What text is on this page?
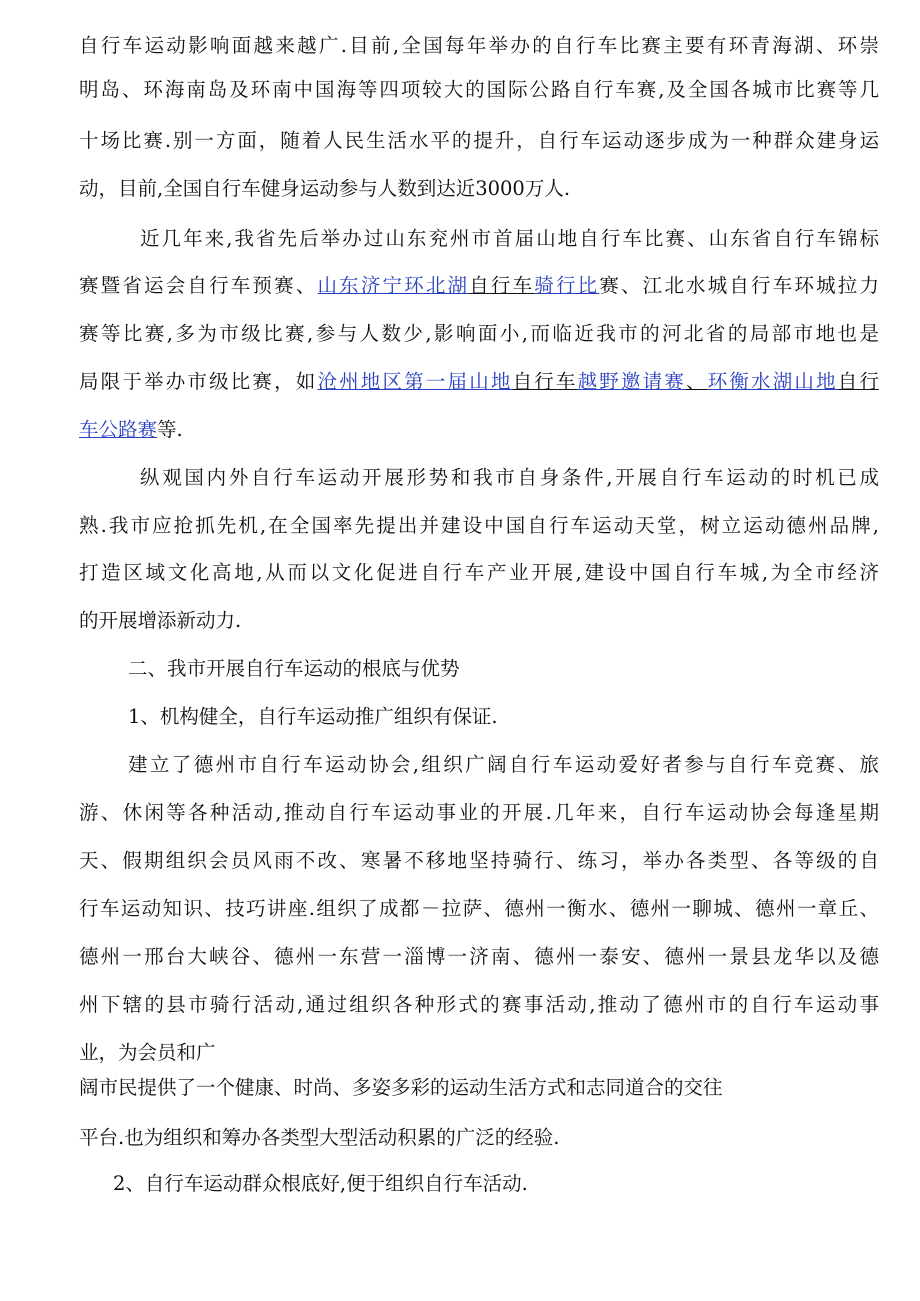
自行车运动影响面越来越广.目前,全国每年举办的自行车比赛主要有环青海湖、环崇
明岛、环海南岛及环南中国海等四项较大的国际公路自行车赛,及全国各城市比赛等几
十场比赛.别一方面，随着人民生活水平的提升，自行车运动逐步成为一种群众建身运
动，目前,全国自行车健身运动参与人数到达近3000万人.
近几年来,我省先后举办过山东兖州市首届山地自行车比赛、山东省自行车锦标
赛暨省运会自行车预赛、山东济宁环北湖自行车骑行比赛、江北水城自行车环城拉力
赛等比赛,多为市级比赛,参与人数少,影响面小,而临近我市的河北省的局部市地也是
局限于举办市级比赛，如沧州地区第一届山地自行车越野邀请赛、环衡水湖山地自行
车公路赛等.
纵观国内外自行车运动开展形势和我市自身条件,开展自行车运动的时机已成
熟.我市应抢抓先机,在全国率先提出并建设中国自行车运动天堂，树立运动德州品牌,
打造区域文化高地,从而以文化促进自行车产业开展,建设中国自行车城,为全市经济
的开展增添新动力.
二、我市开展自行车运动的根底与优势
1、机构健全，自行车运动推广组织有保证.
建立了德州市自行车运动协会,组织广阔自行车运动爱好者参与自行车竞赛、旅
游、休闲等各种活动,推动自行车运动事业的开展.几年来，自行车运动协会每逢星期
天、假期组织会员风雨不改、寒暑不移地坚持骑行、练习，举办各类型、各等级的自
行车运动知识、技巧讲座.组织了成都－拉萨、德州一衡水、德州一聊城、德州一章丘、
德州一邢台大峡谷、德州一东营一淄博一济南、德州一泰安、德州一景县龙华以及德
州下辖的县市骑行活动,通过组织各种形式的赛事活动,推动了德州市的自行车运动事
业，为会员和广
阔市民提供了一个健康、时尚、多姿多彩的运动生活方式和志同道合的交往
平台.也为组织和筹办各类型大型活动积累的广泛的经验.
2、自行车运动群众根底好,便于组织自行车活动.
